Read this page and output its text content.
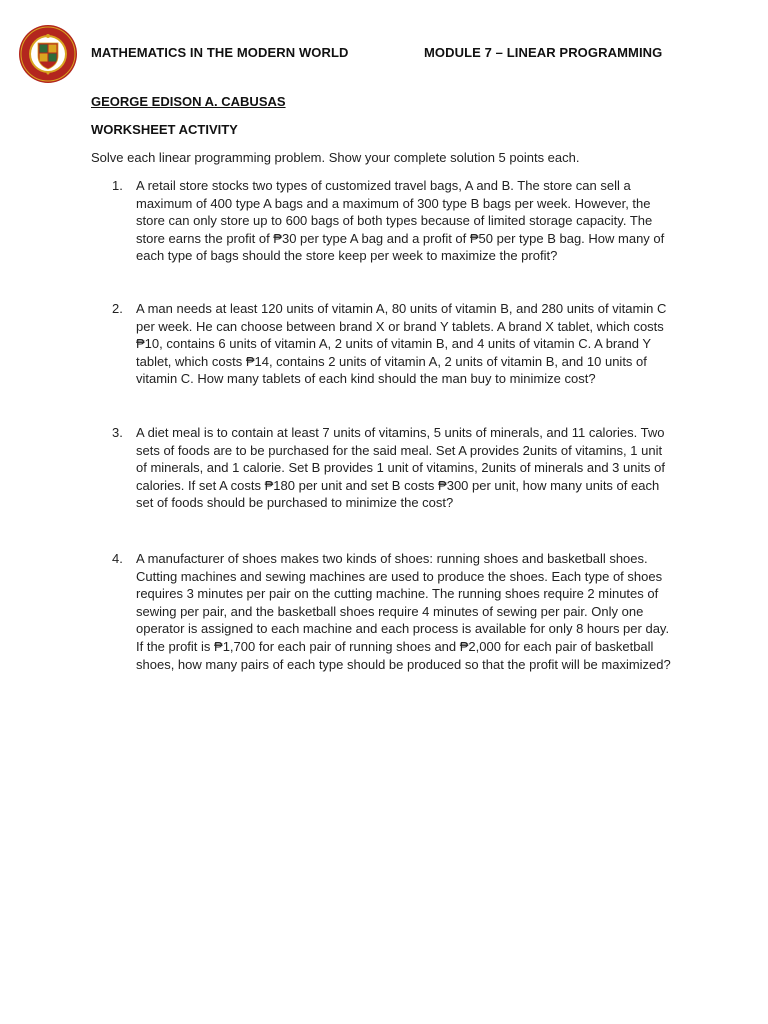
MATHEMATICS IN THE MODERN WORLD	MODULE 7 – LINEAR PROGRAMMING
GEORGE EDISON A. CABUSAS
WORKSHEET ACTIVITY
Solve each linear programming problem. Show your complete solution 5 points each.
1.	A retail store stocks two types of customized travel bags, A and B. The store can sell a maximum of 400 type A bags and a maximum of 300 type B bags per week. However, the store can only store up to 600 bags of both types because of limited storage capacity. The store earns the profit of ₱30 per type A bag and a profit of ₱50 per type B bag. How many of each type of bags should the store keep per week to maximize the profit?
2.	A man needs at least 120 units of vitamin A, 80 units of vitamin B, and 280 units of vitamin C per week. He can choose between brand X or brand Y tablets. A brand X tablet, which costs ₱10, contains 6 units of vitamin A, 2 units of vitamin B, and 4 units of vitamin C. A brand Y tablet, which costs ₱14, contains 2 units of vitamin A, 2 units of vitamin B, and 10 units of vitamin C. How many tablets of each kind should the man buy to minimize cost?
3.	A diet meal is to contain at least 7 units of vitamins, 5 units of minerals, and 11 calories. Two sets of foods are to be purchased for the said meal. Set A provides 2units of vitamins, 1 unit of minerals, and 1 calorie. Set B provides 1 unit of vitamins, 2units of minerals and 3 units of calories. If set A costs ₱180 per unit and set B costs ₱300 per unit, how many units of each set of foods should be purchased to minimize the cost?
4.	A manufacturer of shoes makes two kinds of shoes: running shoes and basketball shoes. Cutting machines and sewing machines are used to produce the shoes. Each type of shoes requires 3 minutes per pair on the cutting machine. The running shoes require 2 minutes of sewing per pair, and the basketball shoes require 4 minutes of sewing per pair. Only one operator is assigned to each machine and each process is available for only 8 hours per day. If the profit is ₱1,700 for each pair of running shoes and ₱2,000 for each pair of basketball shoes, how many pairs of each type should be produced so that the profit will be maximized?
